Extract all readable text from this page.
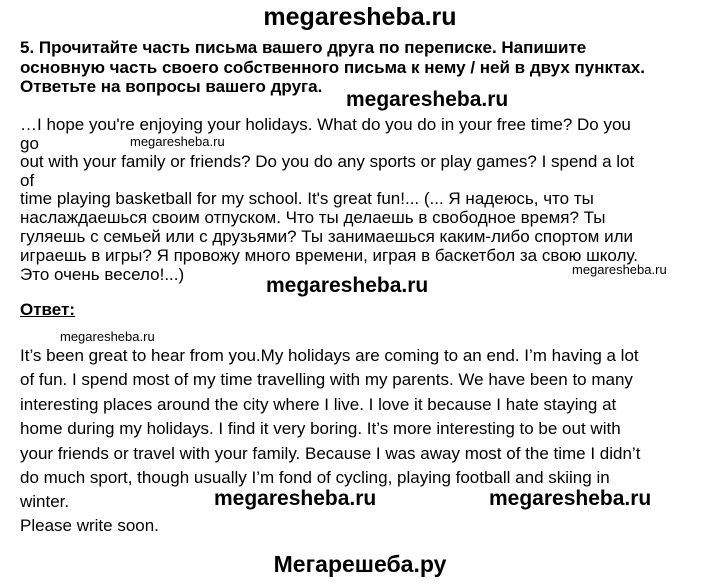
megaresheba.ru
5. Прочитайте часть письма вашего друга по переписке. Напишите
основную часть своего собственного письма к нему / ней в двух пунктах.
Ответьте на вопросы вашего друга.
megaresheba.ru
…I hope you're enjoying your holidays. What do you do in your free time? Do you
go	megaresheba.ru
out with your family or friends? Do you do any sports or play games? I spend a lot
of
time playing basketball for my school. It's great fun!... (... Я надеюсь, что ты
наслаждаешься своим отпуском. Что ты делаешь в свободное время? Ты
гуляешь с семьей или с друзьями? Ты занимаешься каким-либо спортом или
играешь в игры? Я провожу много времени, играя в баскетбол за свою школу.
megaresheba.ru
Это очень весело!...)	megaresheba.ru
Ответ:
megaresheba.ru
It’s been great to hear from you.My holidays are coming to an end. I’m having a lot
of fun. I spend most of my time travelling with my parents. We have been to many
interesting places around the city where I live. I love it because I hate staying at
home during my holidays. I find it very boring. It’s more interesting to be out with
your friends or travel with your family. Because I was away most of the time I didn’t
do much sport, though usually I’m fond of cycling, playing football and skiing in
winter.	megaresheba.ru	megaresheba.ru
Please write soon.
Мегарешеба.ру
